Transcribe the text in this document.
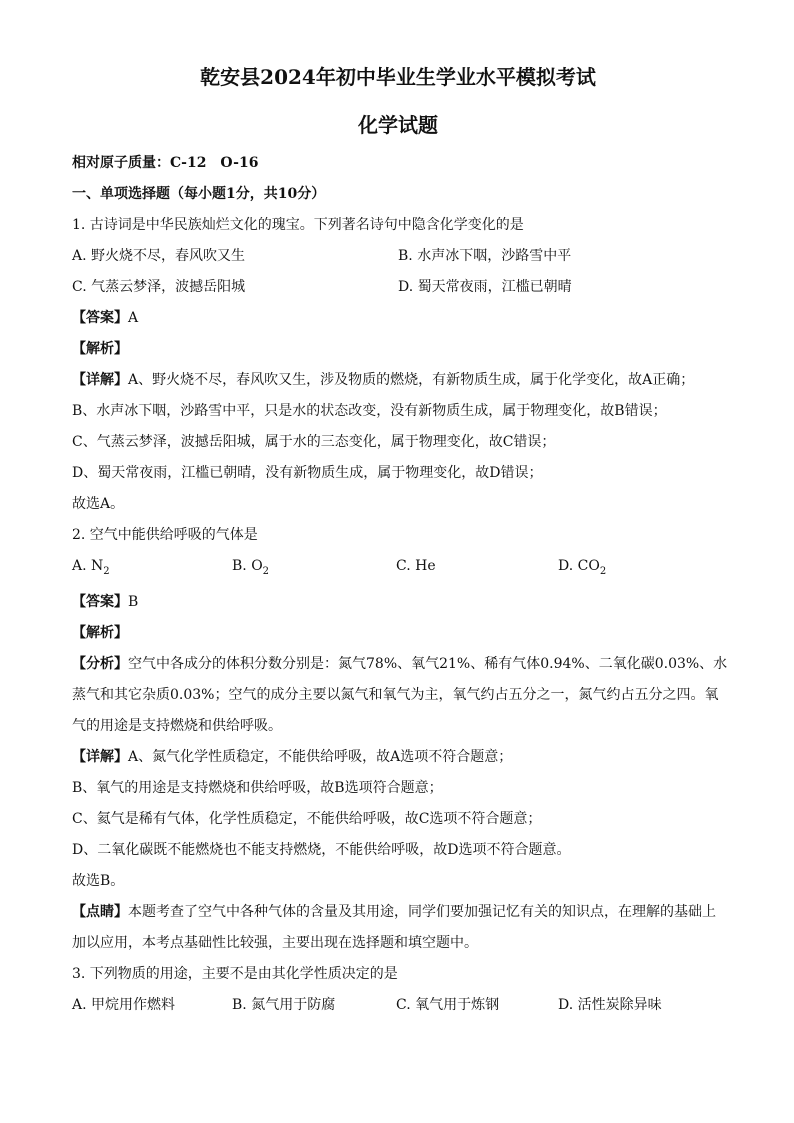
乾安县2024年初中毕业生学业水平模拟考试

化学试题

相对原子质量：C-12　O-16

一、单项选择题（每小题1分，共10分）

1. 古诗词是中华民族灿烂文化的瑰宝。下列著名诗句中隐含化学变化的是

A. 野火烧不尽，春风吹又生	B. 水声冰下咽，沙路雪中平
C. 气蒸云梦泽，波撼岳阳城	D. 蜀天常夜雨，江槛已朝晴

【答案】A

【解析】

【详解】A、野火烧不尽，春风吹又生，涉及物质的燃烧，有新物质生成，属于化学变化，故A正确；

B、水声冰下咽，沙路雪中平，只是水的状态改变，没有新物质生成，属于物理变化，故B错误；

C、气蒸云梦泽，波撼岳阳城，属于水的三态变化，属于物理变化，故C错误；

D、蜀天常夜雨，江槛已朝晴，没有新物质生成，属于物理变化，故D错误；

故选A。

2. 空气中能供给呼吸的气体是

A. $N_2$	B. $O_2$	C. He	D. $CO_2$

【答案】B

【解析】

【分析】空气中各成分的体积分数分别是：氮气78%、氧气21%、稀有气体0.94%、二氧化碳0.03%、水

蒸气和其它杂质0.03%；空气的成分主要以氮气和氧气为主，氧气约占五分之一，氮气约占五分之四。氧

气的用途是支持燃烧和供给呼吸。

【详解】A、氮气化学性质稳定，不能供给呼吸，故A选项不符合题意；

B、氧气的用途是支持燃烧和供给呼吸，故B选项符合题意；

C、氦气是稀有气体，化学性质稳定，不能供给呼吸，故C选项不符合题意；

D、二氧化碳既不能燃烧也不能支持燃烧，不能供给呼吸，故D选项不符合题意。

故选B。

【点睛】本题考查了空气中各种气体的含量及其用途，同学们要加强记忆有关的知识点，在理解的基础上

加以应用，本考点基础性比较强，主要出现在选择题和填空题中。

3. 下列物质的用途，主要不是由其化学性质决定的是

A. 甲烷用作燃料	B. 氮气用于防腐	C. 氧气用于炼钢	D. 活性炭除异味
